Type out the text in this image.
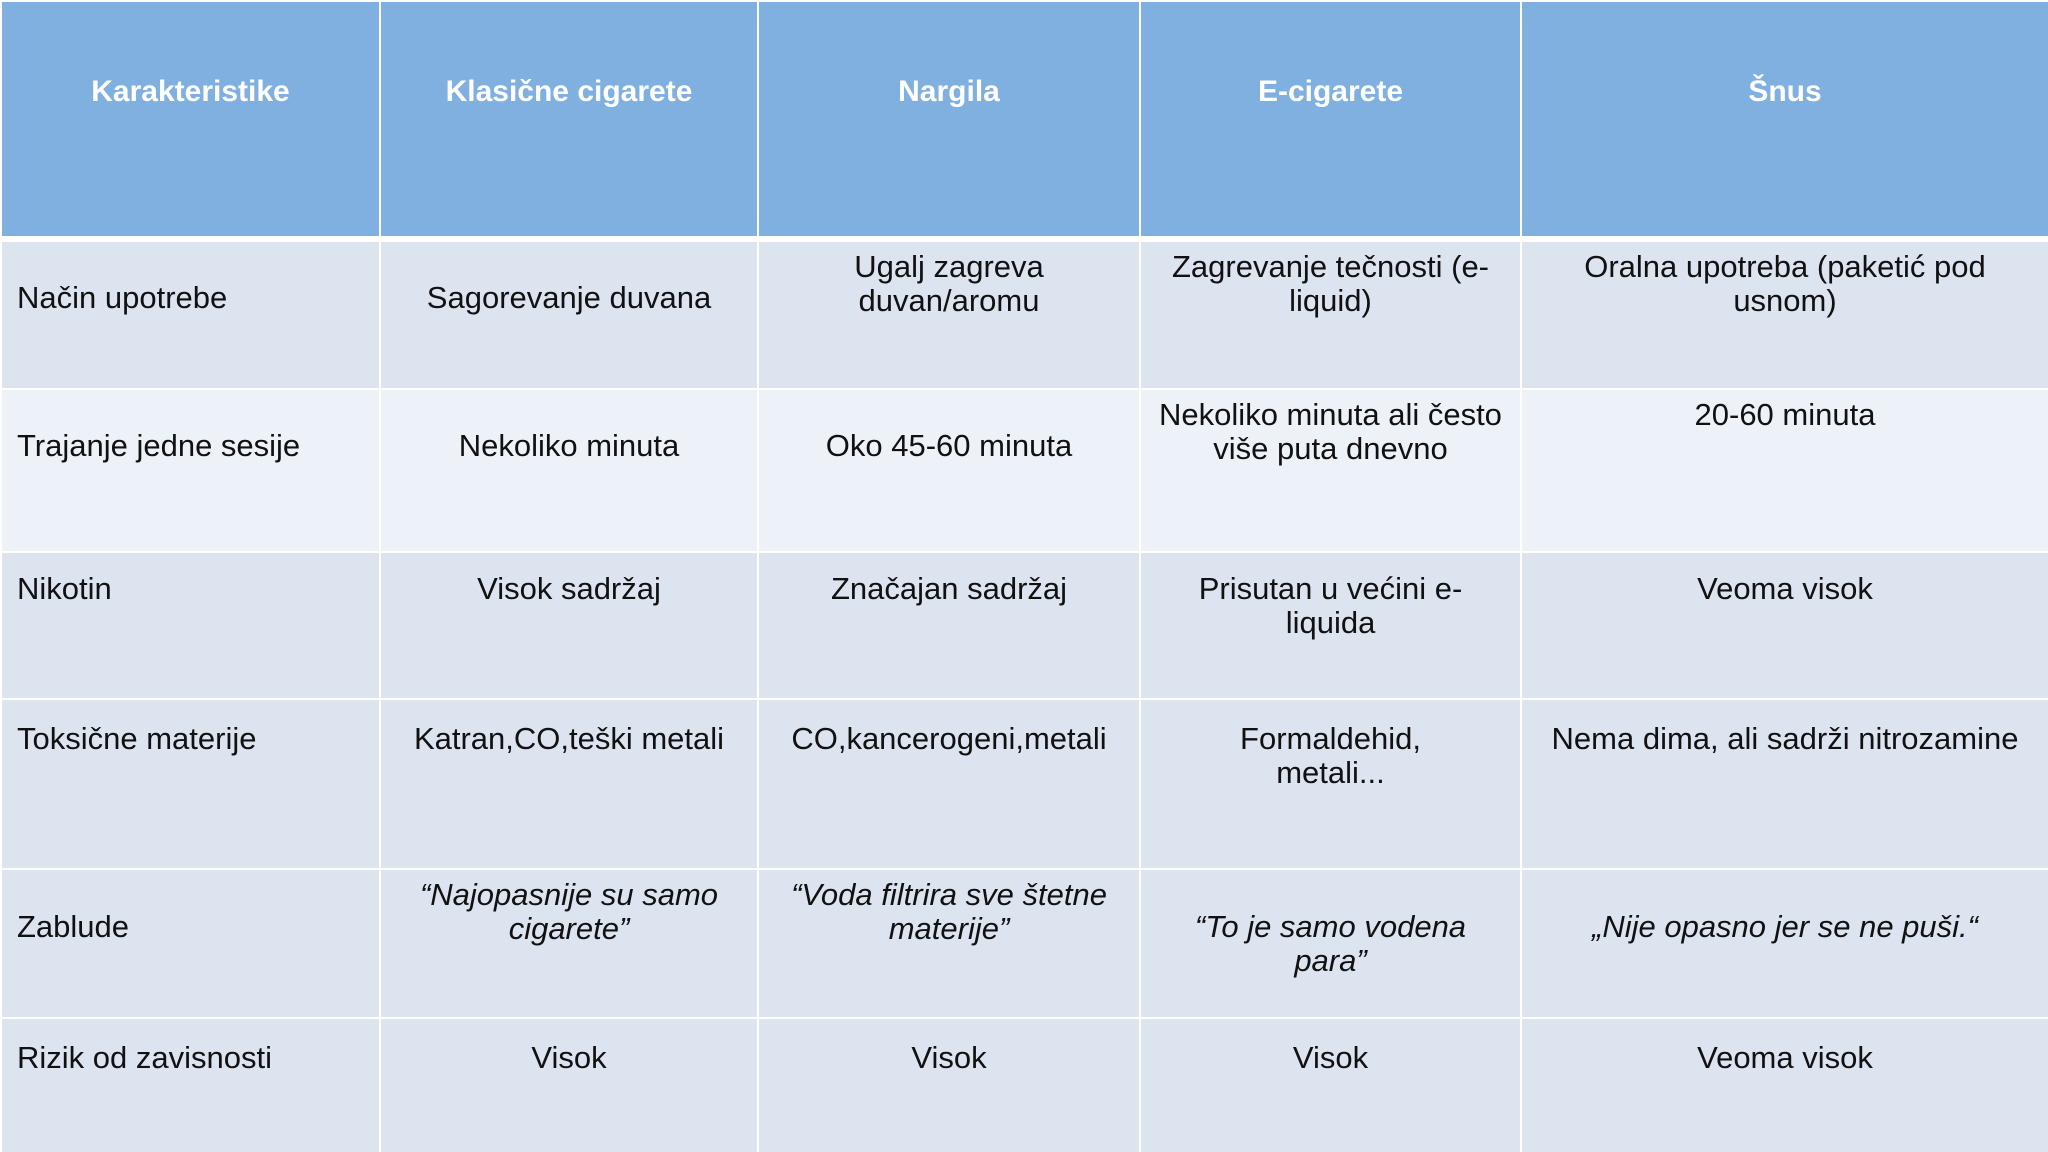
Karakteristike	Klasične cigarete	Nargila	E-cigarete	Šnus
Način upotrebe	Sagorevanje duvana	Ugalj zagreva duvan/aromu	Zagrevanje tečnosti (e-liquid)	Oralna upotreba (paketić pod usnom)
Trajanje jedne sesije	Nekoliko minuta	Oko 45-60 minuta	Nekoliko minuta ali često više puta dnevno	20-60 minuta
Nikotin	Visok sadržaj	Značajan sadržaj	Prisutan u većini e-liquida	Veoma visok
Toksične materije	Katran,CO,teški metali	CO,kancerogeni,metali	Formaldehid, metali...	Nema dima, ali sadrži nitrozamine
Zablude	“Najopasnije su samo cigarete”	“Voda filtrira sve štetne materije”	“To je samo vodena para”	„Nije opasno jer se ne puši.“
Rizik od zavisnosti	Visok	Visok	Visok	Veoma visok
